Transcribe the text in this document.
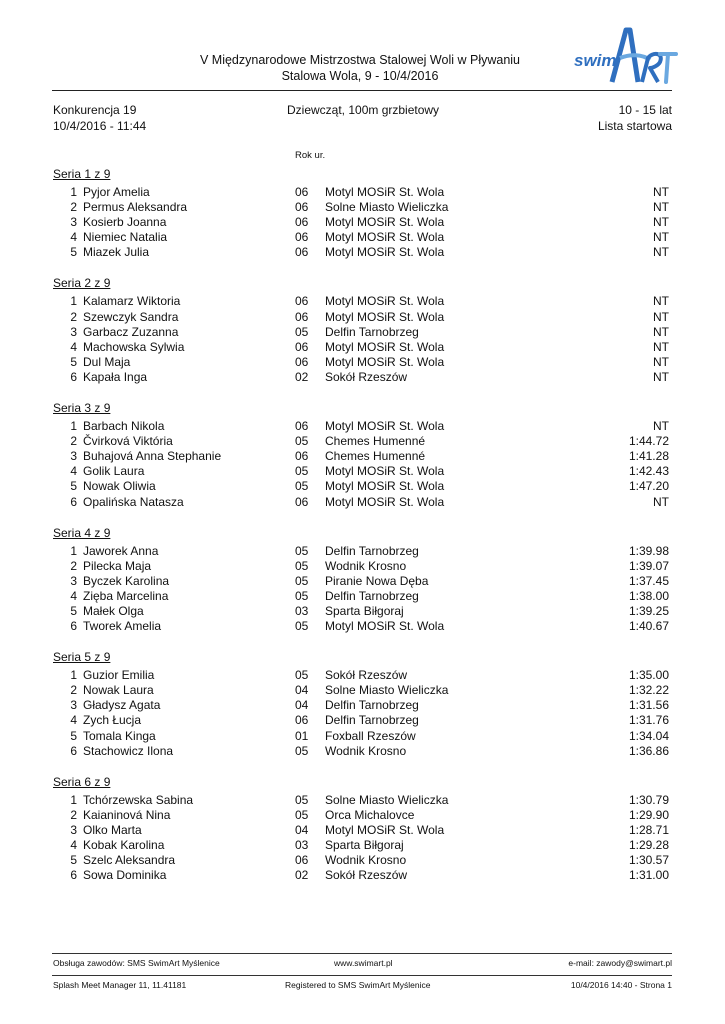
V Międzynarodowe Mistrzostwa Stalowej Woli w Pływaniu
Stalowa Wola, 9 - 10/4/2016
swim
ART
Konkurencja 19
10/4/2016 - 11:44
Dziewcząt, 100m grzbietowy	10 - 15 lat
Lista startowa
Rok ur.
Seria 1 z 9
1 Pyjor Amelia	06 Motyl MOSiR St. Wola	NT
2 Permus Aleksandra	06 Solne Miasto Wieliczka	NT
3 Kosierb Joanna	06 Motyl MOSiR St. Wola	NT
4 Niemiec Natalia	06 Motyl MOSiR St. Wola	NT
5 Miazek Julia	06 Motyl MOSiR St. Wola	NT
Seria 2 z 9
1 Kalamarz Wiktoria	06 Motyl MOSiR St. Wola	NT
2 Szewczyk Sandra	06 Motyl MOSiR St. Wola	NT
3 Garbacz Zuzanna	05 Delfin Tarnobrzeg	NT
4 Machowska Sylwia	06 Motyl MOSiR St. Wola	NT
5 Dul Maja	06 Motyl MOSiR St. Wola	NT
6 Kapała Inga	02 Sokół Rzeszów	NT
Seria 3 z 9
1 Barbach Nikola	06 Motyl MOSiR St. Wola	NT
2 Čvirková Viktória	05 Chemes Humenné	1:44.72
3 Buhajová Anna Stephanie	06 Chemes Humenné	1:41.28
4 Golik Laura	05 Motyl MOSiR St. Wola	1:42.43
5 Nowak Oliwia	05 Motyl MOSiR St. Wola	1:47.20
6 Opalińska Natasza	06 Motyl MOSiR St. Wola	NT
Seria 4 z 9
1 Jaworek Anna	05 Delfin Tarnobrzeg	1:39.98
2 Pilecka Maja	05 Wodnik Krosno	1:39.07
3 Byczek Karolina	05 Piranie Nowa Dęba	1:37.45
4 Zięba Marcelina	05 Delfin Tarnobrzeg	1:38.00
5 Małek Olga	03 Sparta Biłgoraj	1:39.25
6 Tworek Amelia	05 Motyl MOSiR St. Wola	1:40.67
Seria 5 z 9
1 Guzior Emilia	05 Sokół Rzeszów	1:35.00
2 Nowak Laura	04 Solne Miasto Wieliczka	1:32.22
3 Gładysz Agata	04 Delfin Tarnobrzeg	1:31.56
4 Zych Łucja	06 Delfin Tarnobrzeg	1:31.76
5 Tomala Kinga	01 Foxball Rzeszów	1:34.04
6 Stachowicz Ilona	05 Wodnik Krosno	1:36.86
Seria 6 z 9
1 Tchórzewska Sabina	05 Solne Miasto Wieliczka	1:30.79
2 Kaianinová Nina	05 Orca Michalovce	1:29.90
3 Olko Marta	04 Motyl MOSiR St. Wola	1:28.71
4 Kobak Karolina	03 Sparta Biłgoraj	1:29.28
5 Szelc Aleksandra	06 Wodnik Krosno	1:30.57
6 Sowa Dominika	02 Sokół Rzeszów	1:31.00
Obsługa zawodów: SMS SwimArt Myślenice	www.swimart.pl	e-mail: zawody@swimart.pl
Splash Meet Manager 11, 11.41181	Registered to SMS SwimArt Myślenice	10/4/2016 14:40 - Strona 1
